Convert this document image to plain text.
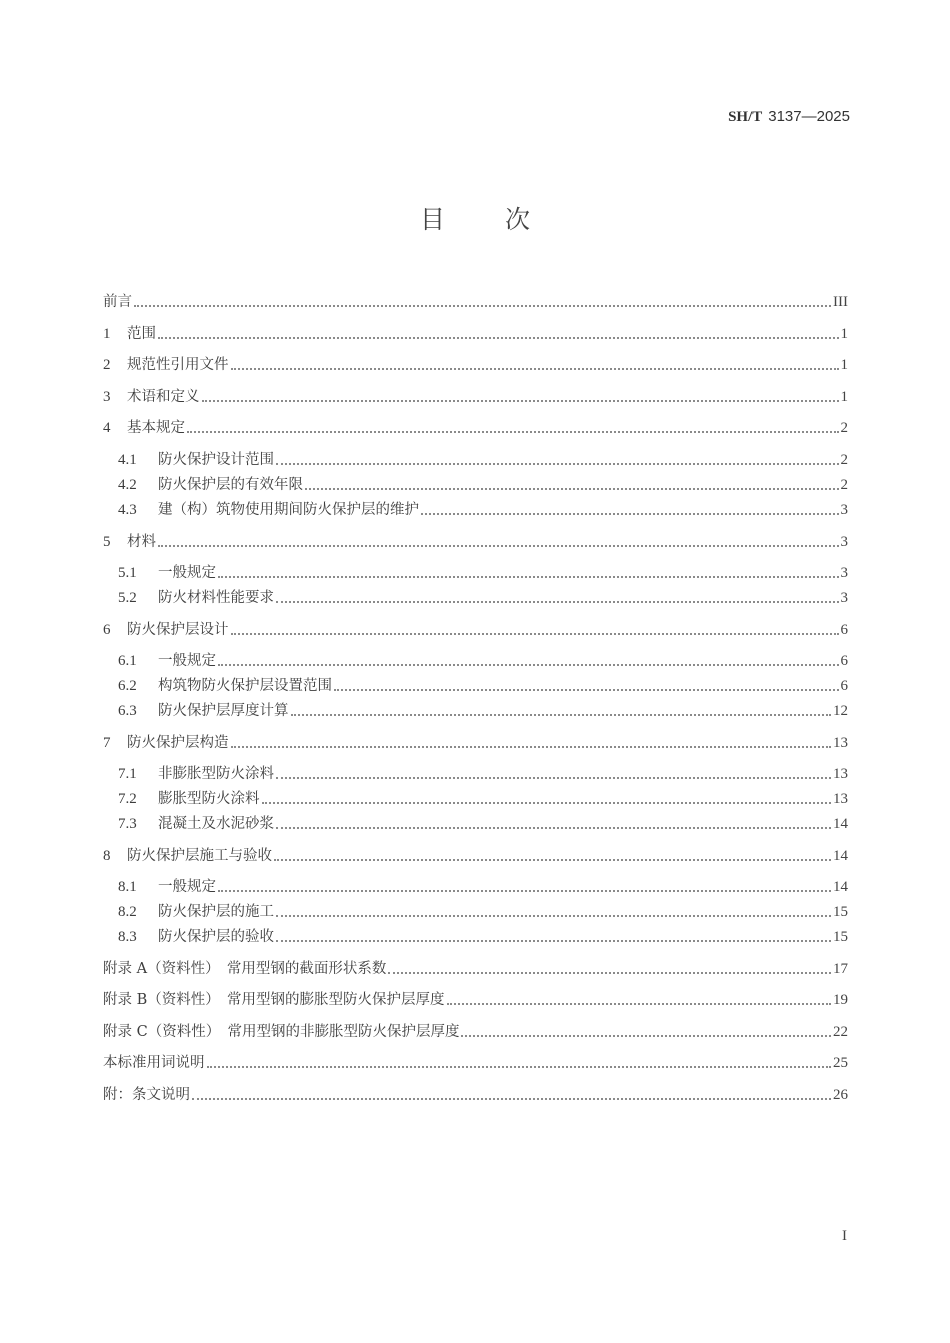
SH/T 3137—2025
目 次
前言	III
1	范围	1
2	规范性引用文件	1
3	术语和定义	1
4	基本规定	2
4.1	防火保护设计范围	2
4.2	防火保护层的有效年限	2
4.3	建（构）筑物使用期间防火保护层的维护	3
5	材料	3
5.1	一般规定	3
5.2	防火材料性能要求	3
6	防火保护层设计	6
6.1	一般规定	6
6.2	构筑物防火保护层设置范围	6
6.3	防火保护层厚度计算	12
7	防火保护层构造	13
7.1	非膨胀型防火涂料	13
7.2	膨胀型防火涂料	13
7.3	混凝土及水泥砂浆	14
8	防火保护层施工与验收	14
8.1	一般规定	14
8.2	防火保护层的施工	15
8.3	防火保护层的验收	15
附录 A（资料性）　常用型钢的截面形状系数	17
附录 B（资料性）　常用型钢的膨胀型防火保护层厚度	19
附录 C（资料性）　常用型钢的非膨胀型防火保护层厚度	22
本标准用词说明	25
附：条文说明	26
I
